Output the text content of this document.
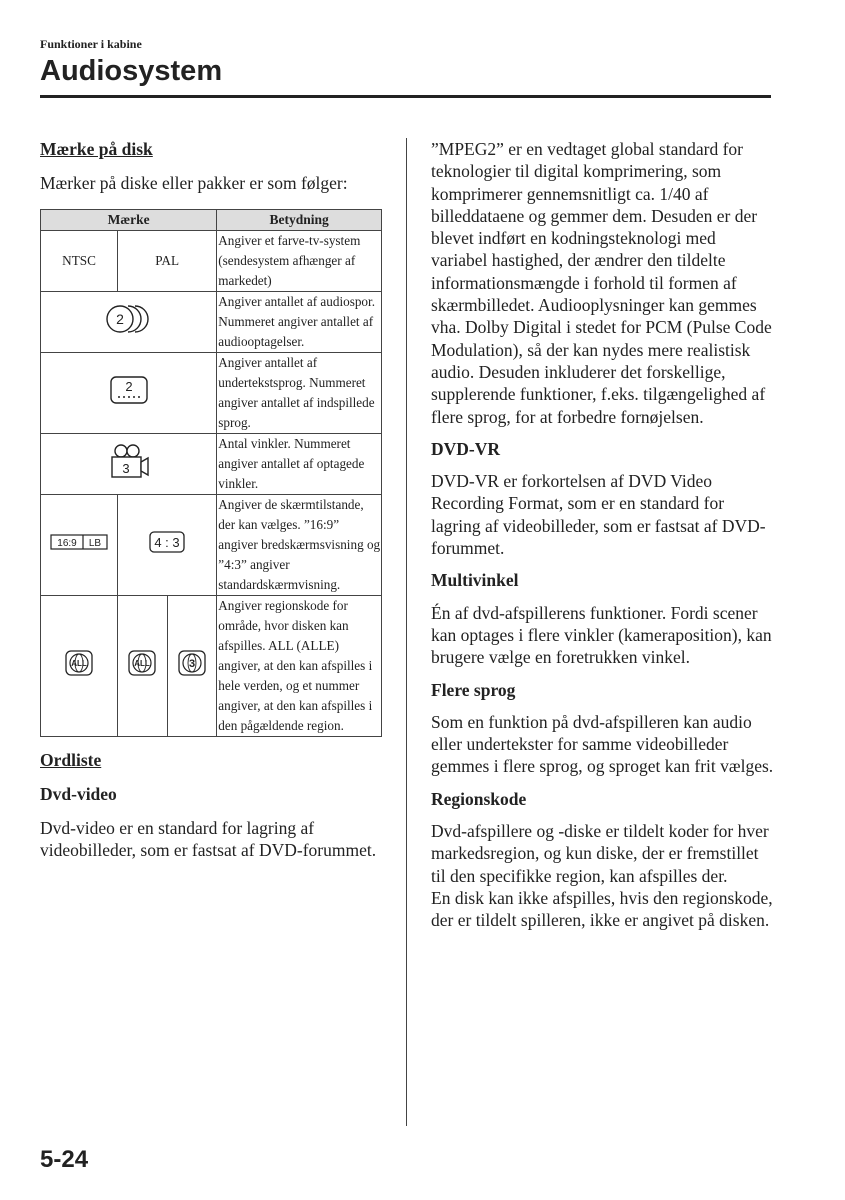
Funktioner i kabine
Audiosystem

Mærke på disk

Mærker på diske eller pakker er som følger:

Mærke			Betydning
NTSC	PAL		Angiver et farve-tv-system (sendesystem afhænger af markedet)

2			Angiver antallet af audiospor. Nummeret angiver antallet af audiooptagelser.

2			Angiver antallet af undertekstsprog. Nummeret angiver antallet af indspillede sprog.

3			Antal vinkler. Nummeret angiver antallet af optagede vinkler.

16:9 LB	4 : 3		Angiver de skærmtilstande, der kan vælges. ”16:9” angiver bredskærmsvisning og ”4:3” angiver standardskærmvisning.

ALL	ALL	3	Angiver regionskode for område, hvor disken kan afspilles. ALL (ALLE) angiver, at den kan afspilles i hele verden, og et nummer angiver, at den kan afspilles i den pågældende region.

Ordliste

Dvd-video

Dvd-video er en standard for lagring af videobilleder, som er fastsat af DVD-forummet.

”MPEG2” er en vedtaget global standard for teknologier til digital komprimering, som komprimerer gennemsnitligt ca. 1/40 af billeddataene og gemmer dem. Desuden er der blevet indført en kodningsteknologi med variabel hastighed, der ændrer den tildelte informationsmængde i forhold til formen af skærmbilledet. Audiooplysninger kan gemmes vha. Dolby Digital i stedet for PCM (Pulse Code Modulation), så der kan nydes mere realistisk audio. Desuden inkluderer det forskellige, supplerende funktioner, f.eks. tilgængelighed af flere sprog, for at forbedre fornøjelsen.

DVD-VR

DVD-VR er forkortelsen af DVD Video Recording Format, som er en standard for lagring af videobilleder, som er fastsat af DVD-forummet.

Multivinkel

Én af dvd-afspillerens funktioner. Fordi scener kan optages i flere vinkler (kameraposition), kan brugere vælge en foretrukken vinkel.

Flere sprog

Som en funktion på dvd-afspilleren kan audio eller undertekster for samme videobilleder gemmes i flere sprog, og sproget kan frit vælges.

Regionskode

Dvd-afspillere og -diske er tildelt koder for hver markedsregion, og kun diske, der er fremstillet til den specifikke region, kan afspilles der.

En disk kan ikke afspilles, hvis den regionskode, der er tildelt spilleren, ikke er angivet på disken.

5-24
